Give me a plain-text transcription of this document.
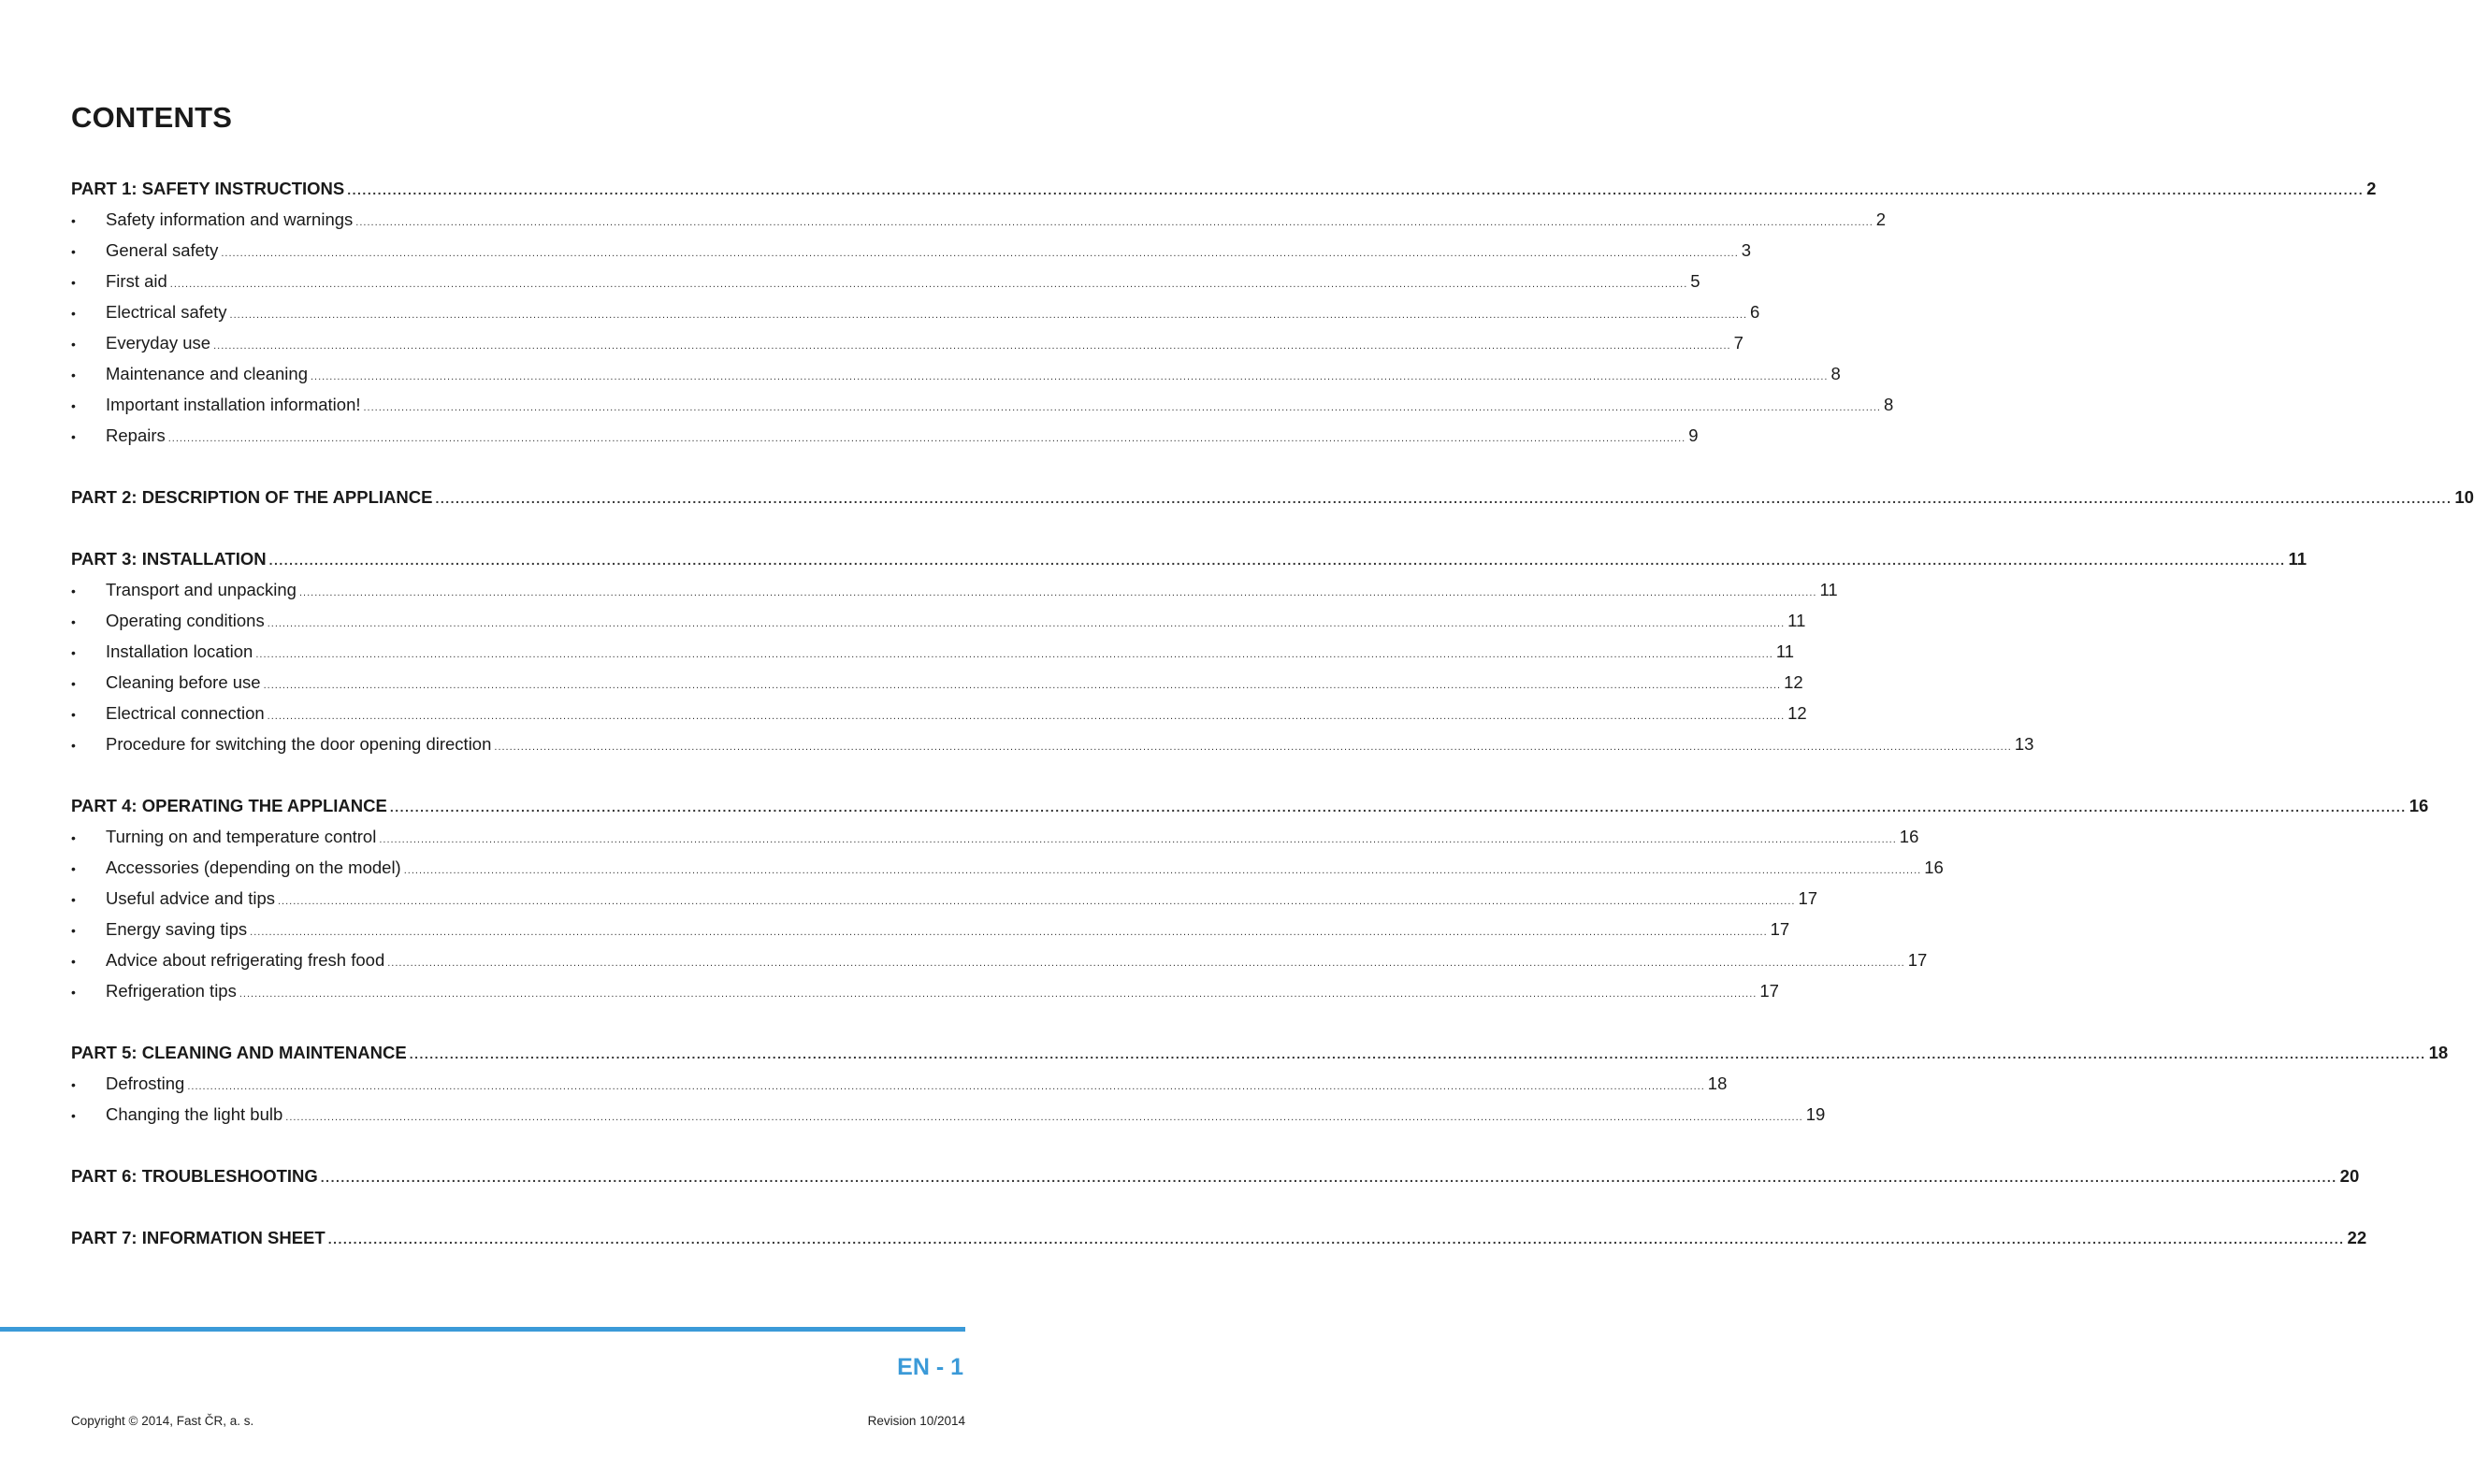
CONTENTS
PART 1: SAFETY INSTRUCTIONS ................................................................................................................................................................................................................................................................................................................................................................................................................ 2
•	Safety information and warnings ................................................................................................................................................................................................................................................................................................................................................................................................................ 2
•	General safety ................................................................................................................................................................................................................................................................................................................................................................................................................ 3
•	First aid ................................................................................................................................................................................................................................................................................................................................................................................................................ 5
•	Electrical safety ................................................................................................................................................................................................................................................................................................................................................................................................................ 6
•	Everyday use ................................................................................................................................................................................................................................................................................................................................................................................................................ 7
•	Maintenance and cleaning ................................................................................................................................................................................................................................................................................................................................................................................................................ 8
•	Important installation information! ................................................................................................................................................................................................................................................................................................................................................................................................................ 8
•	Repairs ................................................................................................................................................................................................................................................................................................................................................................................................................ 9
PART 2: DESCRIPTION OF THE APPLIANCE ................................................................................................................................................................................................................................................................................................................................................................................................................ 10
PART 3: INSTALLATION ................................................................................................................................................................................................................................................................................................................................................................................................................ 11
•	Transport and unpacking ................................................................................................................................................................................................................................................................................................................................................................................................................ 11
•	Operating conditions ................................................................................................................................................................................................................................................................................................................................................................................................................ 11
•	Installation location ................................................................................................................................................................................................................................................................................................................................................................................................................ 11
•	Cleaning before use ................................................................................................................................................................................................................................................................................................................................................................................................................ 12
•	Electrical connection ................................................................................................................................................................................................................................................................................................................................................................................................................ 12
•	Procedure for switching the door opening direction ................................................................................................................................................................................................................................................................................................................................................................................................................ 13
PART 4: OPERATING THE APPLIANCE ................................................................................................................................................................................................................................................................................................................................................................................................................ 16
•	Turning on and temperature control ................................................................................................................................................................................................................................................................................................................................................................................................................ 16
•	Accessories (depending on the model) ................................................................................................................................................................................................................................................................................................................................................................................................................ 16
•	Useful advice and tips ................................................................................................................................................................................................................................................................................................................................................................................................................ 17
•	Energy saving tips ................................................................................................................................................................................................................................................................................................................................................................................................................ 17
•	Advice about refrigerating fresh food ................................................................................................................................................................................................................................................................................................................................................................................................................ 17
•	Refrigeration tips ................................................................................................................................................................................................................................................................................................................................................................................................................ 17
PART 5: CLEANING AND MAINTENANCE ................................................................................................................................................................................................................................................................................................................................................................................................................ 18
•	Defrosting ................................................................................................................................................................................................................................................................................................................................................................................................................ 18
•	Changing the light bulb ................................................................................................................................................................................................................................................................................................................................................................................................................ 19
PART 6: TROUBLESHOOTING ................................................................................................................................................................................................................................................................................................................................................................................................................ 20
PART 7: INFORMATION SHEET ................................................................................................................................................................................................................................................................................................................................................................................................................ 22
EN - 1
Copyright © 2014, Fast ČR, a. s.	Revision 10/2014
